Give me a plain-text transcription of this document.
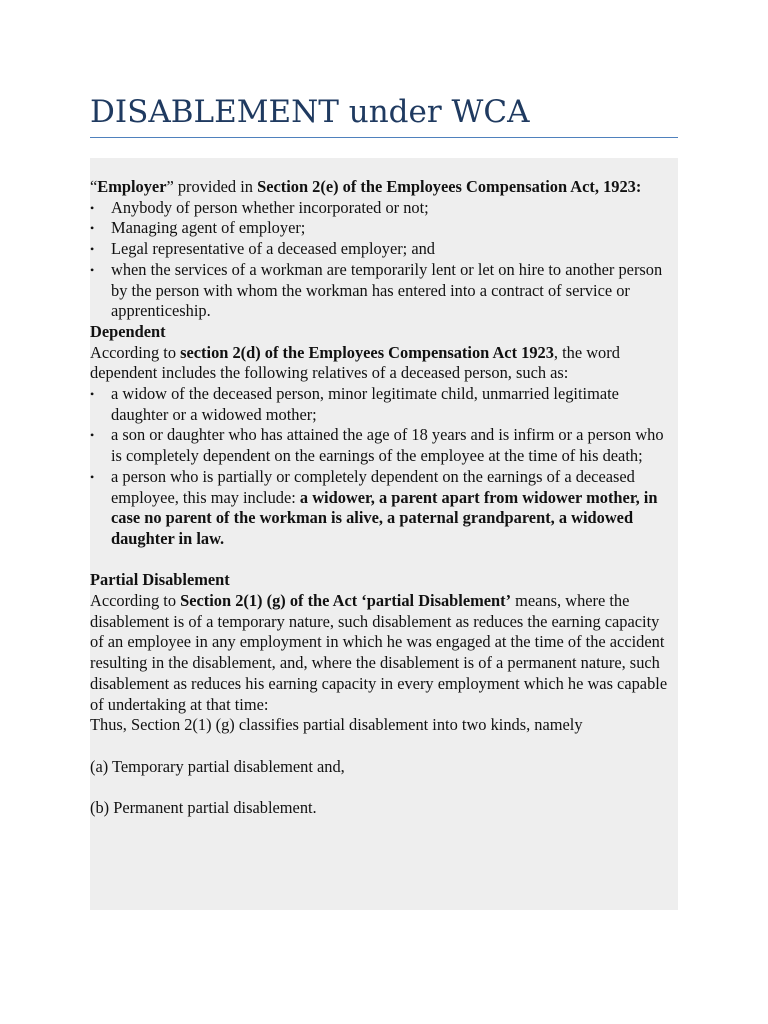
DISABLEMENT under WCA

“Employer” provided in Section 2(e) of the Employees Compensation Act, 1923:

• Anybody of person whether incorporated or not;
• Managing agent of employer;
• Legal representative of a deceased employer; and
• when the services of a workman are temporarily lent or let on hire to another person by the person with whom the workman has entered into a contract of service or apprenticeship.

Dependent

According to section 2(d) of the Employees Compensation Act 1923, the word dependent includes the following relatives of a deceased person, such as:

• a widow of the deceased person, minor legitimate child, unmarried legitimate daughter or a widowed mother;
• a son or daughter who has attained the age of 18 years and is infirm or a person who is completely dependent on the earnings of the employee at the time of his death;
• a person who is partially or completely dependent on the earnings of a deceased employee, this may include: a widower, a parent apart from widower mother, in case no parent of the workman is alive, a paternal grandparent, a widowed daughter in law.

Partial Disablement

According to Section 2(1) (g) of the Act ‘partial Disablement’ means, where the disablement is of a temporary nature, such disablement as reduces the earning capacity of an employee in any employment in which he was engaged at the time of the accident resulting in the disablement, and, where the disablement is of a permanent nature, such disablement as reduces his earning capacity in every employment which he was capable of undertaking at that time:

Thus, Section 2(1) (g) classifies partial disablement into two kinds, namely

(a) Temporary partial disablement and,

(b) Permanent partial disablement.
